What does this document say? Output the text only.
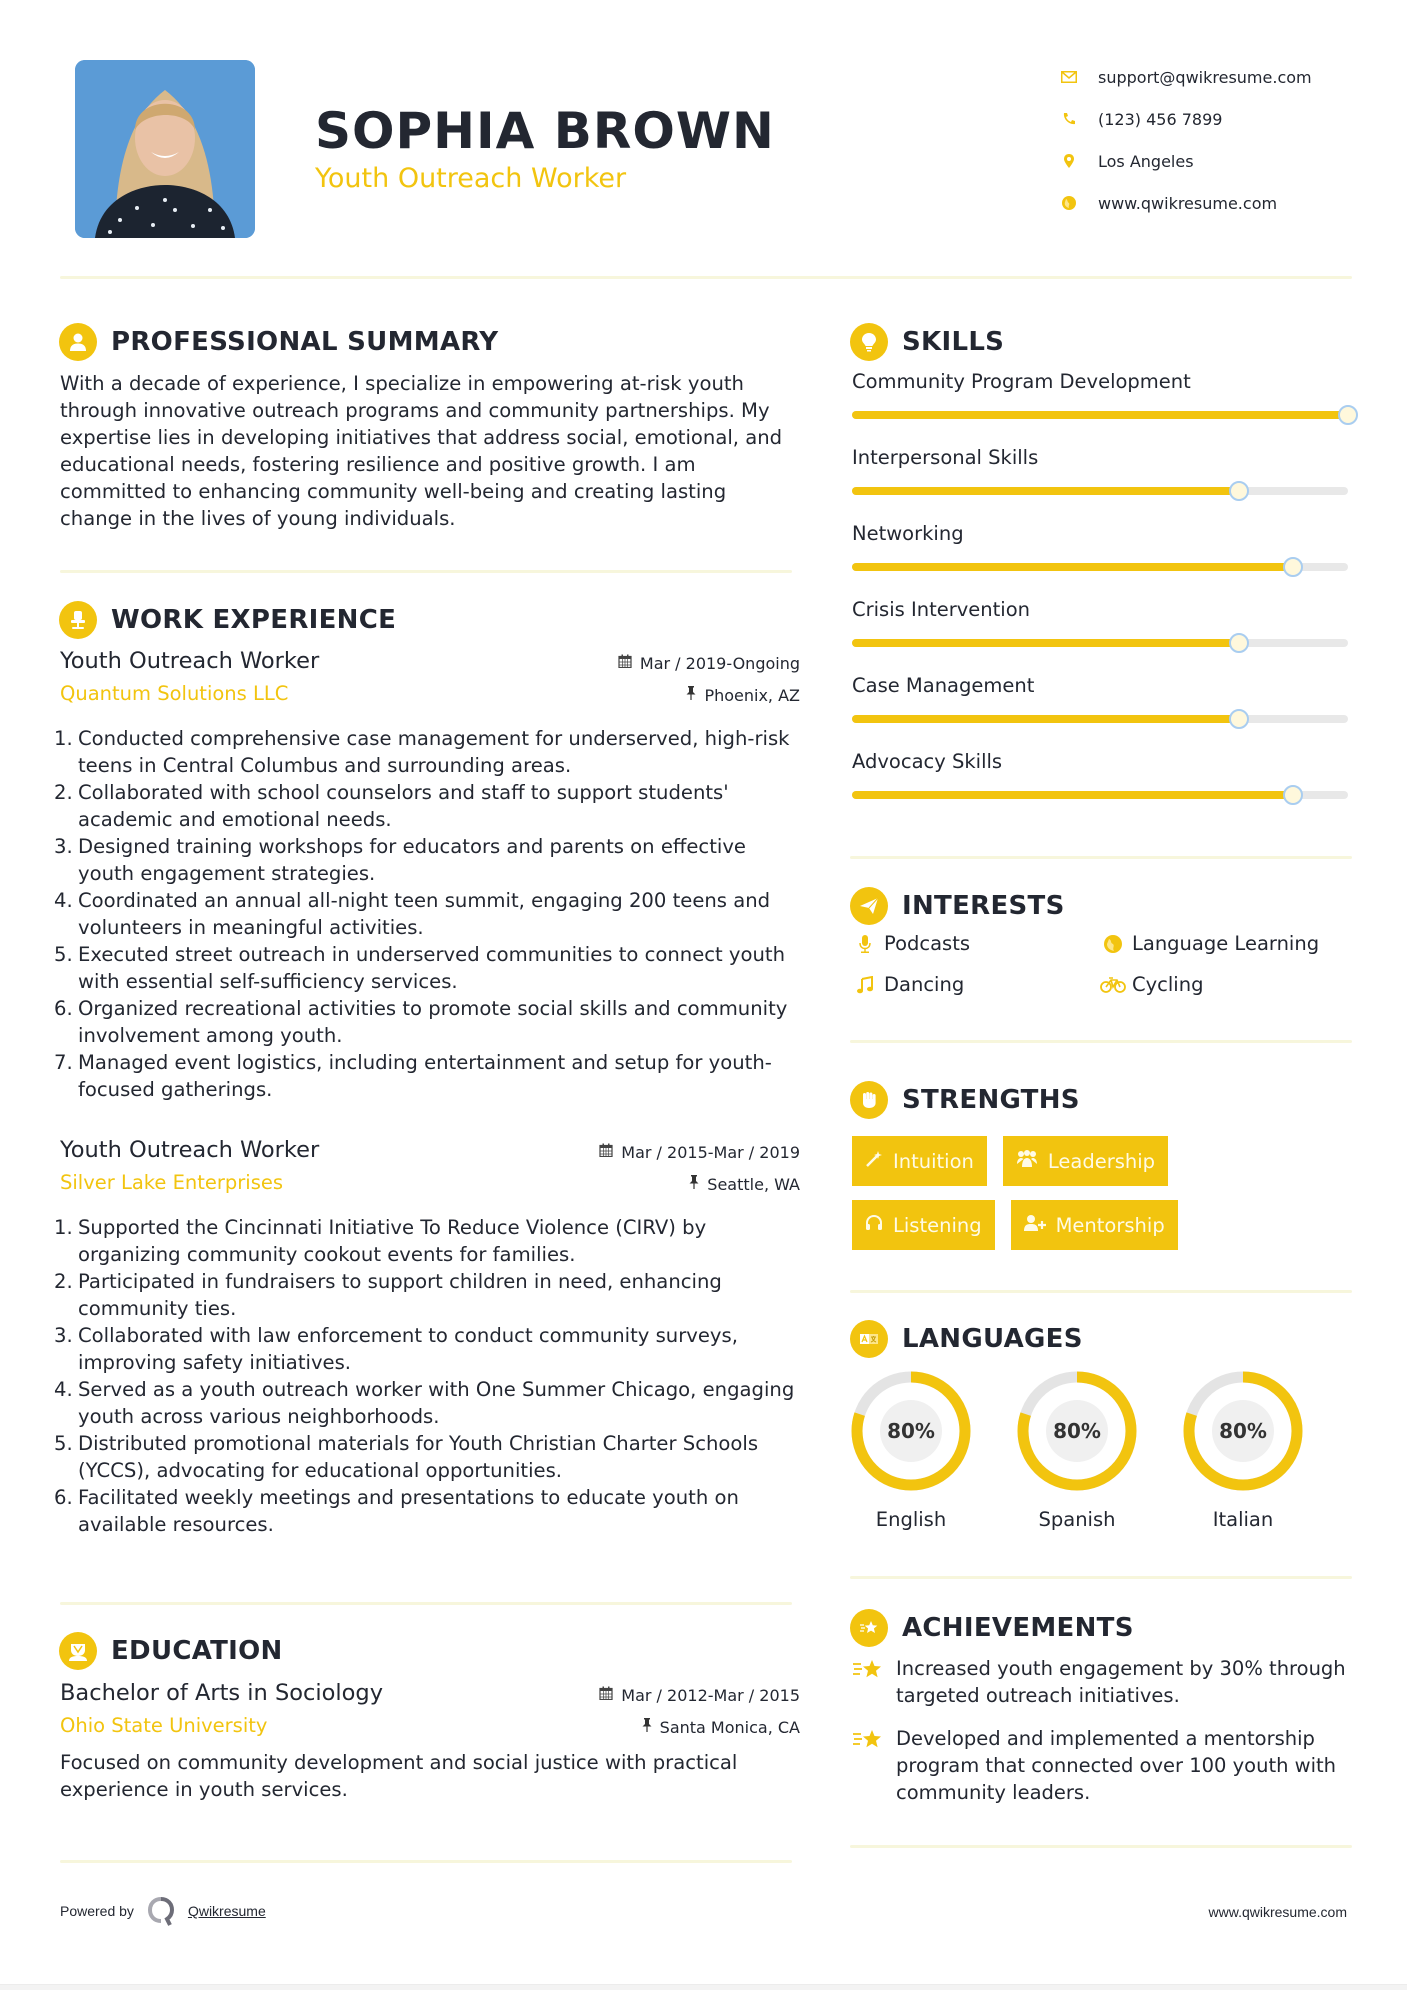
SOPHIA BROWN
Youth Outreach Worker
support@qwikresume.com
(123) 456 7899
Los Angeles
www.qwikresume.com
PROFESSIONAL SUMMARY
With a decade of experience, I specialize in empowering at-risk youth through innovative outreach programs and community partnerships. My expertise lies in developing initiatives that address social, emotional, and educational needs, fostering resilience and positive growth. I am committed to enhancing community well-being and creating lasting change in the lives of young individuals.
WORK EXPERIENCE
Youth Outreach Worker	Mar / 2019-Ongoing
Quantum Solutions LLC	Phoenix, AZ
1. Conducted comprehensive case management for underserved, high-risk teens in Central Columbus and surrounding areas.
2. Collaborated with school counselors and staff to support students' academic and emotional needs.
3. Designed training workshops for educators and parents on effective youth engagement strategies.
4. Coordinated an annual all-night teen summit, engaging 200 teens and volunteers in meaningful activities.
5. Executed street outreach in underserved communities to connect youth with essential self-sufficiency services.
6. Organized recreational activities to promote social skills and community involvement among youth.
7. Managed event logistics, including entertainment and setup for youth-focused gatherings.
Youth Outreach Worker	Mar / 2015-Mar / 2019
Silver Lake Enterprises	Seattle, WA
1. Supported the Cincinnati Initiative To Reduce Violence (CIRV) by organizing community cookout events for families.
2. Participated in fundraisers to support children in need, enhancing community ties.
3. Collaborated with law enforcement to conduct community surveys, improving safety initiatives.
4. Served as a youth outreach worker with One Summer Chicago, engaging youth across various neighborhoods.
5. Distributed promotional materials for Youth Christian Charter Schools (YCCS), advocating for educational opportunities.
6. Facilitated weekly meetings and presentations to educate youth on available resources.
EDUCATION
Bachelor of Arts in Sociology	Mar / 2012-Mar / 2015
Ohio State University	Santa Monica, CA
Focused on community development and social justice with practical experience in youth services.
SKILLS
Community Program Development
Interpersonal Skills
Networking
Crisis Intervention
Case Management
Advocacy Skills
INTERESTS
Podcasts	Language Learning
Dancing	Cycling
STRENGTHS
Intuition	Leadership
Listening	Mentorship
LANGUAGES
80%
English
80%
Spanish
80%
Italian
ACHIEVEMENTS
Increased youth engagement by 30% through targeted outreach initiatives.
Developed and implemented a mentorship program that connected over 100 youth with community leaders.
Powered by	Qwikresume	www.qwikresume.com
